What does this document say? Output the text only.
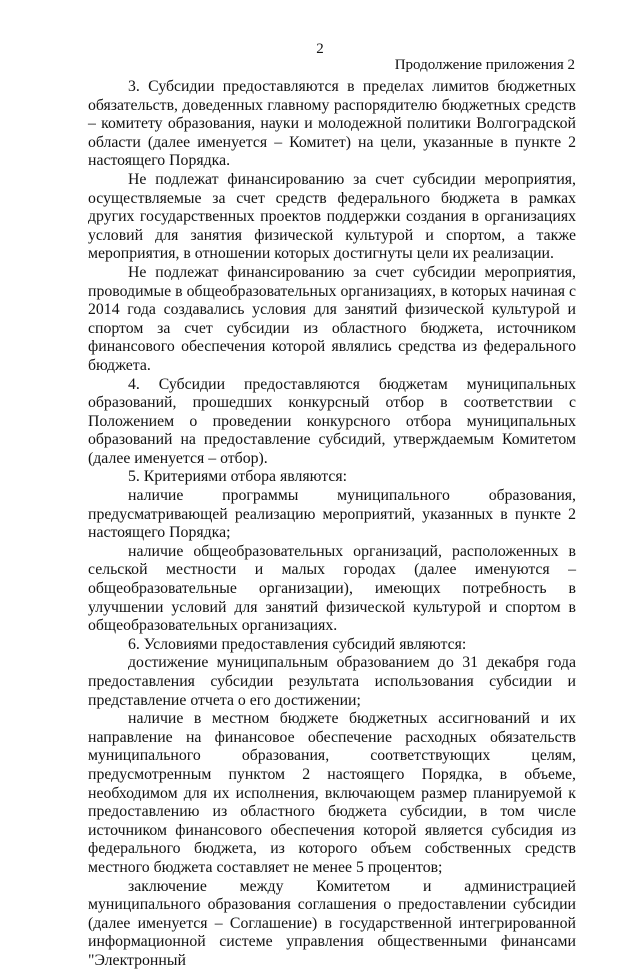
2
Продолжение приложения 2

3. Субсидии предоставляются в пределах лимитов бюджетных обязательств, доведенных главному распорядителю бюджетных средств – комитету образования, науки и молодежной политики Волгоградской области (далее именуется – Комитет) на цели, указанные в пункте 2 настоящего Порядка.

Не подлежат финансированию за счет субсидии мероприятия, осуществляемые за счет средств федерального бюджета в рамках других государственных проектов поддержки создания в организациях условий для занятия физической культурой и спортом, а также мероприятия, в отношении которых достигнуты цели их реализации.

Не подлежат финансированию за счет субсидии мероприятия, проводимые в общеобразовательных организациях, в которых начиная с 2014 года создавались условия для занятий физической культурой и спортом за счет субсидии из областного бюджета, источником финансового обеспечения которой являлись средства из федерального бюджета.

4. Субсидии предоставляются бюджетам муниципальных образований, прошедших конкурсный отбор в соответствии с Положением о проведении конкурсного отбора муниципальных образований на предоставление субсидий, утверждаемым Комитетом (далее именуется – отбор).

5. Критериями отбора являются:

наличие программы муниципального образования, предусматривающей реализацию мероприятий, указанных в пункте 2 настоящего Порядка;

наличие общеобразовательных организаций, расположенных в сельской местности и малых городах (далее именуются – общеобразовательные организации), имеющих потребность в улучшении условий для занятий физической культурой и спортом в общеобразовательных организациях.

6. Условиями предоставления субсидий являются:

достижение муниципальным образованием до 31 декабря года предоставления субсидии результата использования субсидии и представление отчета о его достижении;

наличие в местном бюджете бюджетных ассигнований и их направление на финансовое обеспечение расходных обязательств муниципального образования, соответствующих целям, предусмотренным пунктом 2 настоящего Порядка, в объеме, необходимом для их исполнения, включающем размер планируемой к предоставлению из областного бюджета субсидии, в том числе источником финансового обеспечения которой является субсидия из федерального бюджета, из которого объем собственных средств местного бюджета составляет не менее 5 процентов;

заключение между Комитетом и администрацией муниципального образования соглашения о предоставлении субсидии (далее именуется – Соглашение) в государственной интегрированной информационной системе управления общественными финансами "Электронный
